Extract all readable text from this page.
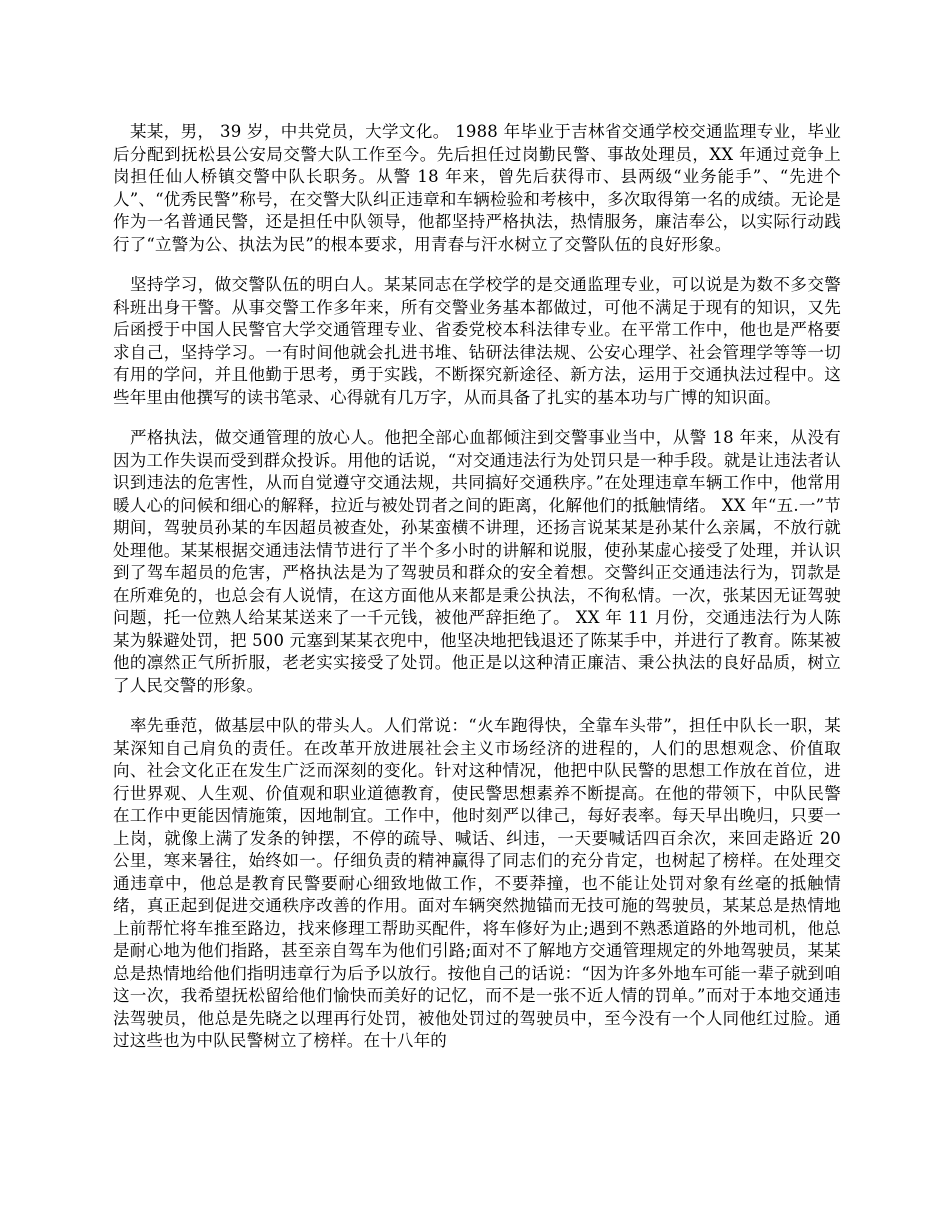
某某，男， 39 岁，中共党员，大学文化。 1988 年毕业于吉林省交通学校交通监理专业，毕业后分配到抚松县公安局交警大队工作至今。先后担任过岗勤民警、事故处理员，XX 年通过竞争上岗担任仙人桥镇交警中队长职务。从警 18 年来，曾先后获得市、县两级“业务能手”、“先进个人”、“优秀民警”称号，在交警大队纠正违章和车辆检验和考核中，多次取得第一名的成绩。无论是作为一名普通民警，还是担任中队领导，他都坚持严格执法，热情服务，廉洁奉公，以实际行动践行了“立警为公、执法为民”的根本要求，用青春与汗水树立了交警队伍的良好形象。

坚持学习，做交警队伍的明白人。某某同志在学校学的是交通监理专业，可以说是为数不多交警科班出身干警。从事交警工作多年来，所有交警业务基本都做过，可他不满足于现有的知识，又先后函授于中国人民警官大学交通管理专业、省委党校本科法律专业。在平常工作中，他也是严格要求自己，坚持学习。一有时间他就会扎进书堆、钻研法律法规、公安心理学、社会管理学等等一切有用的学问，并且他勤于思考，勇于实践，不断探究新途径、新方法，运用于交通执法过程中。这些年里由他撰写的读书笔录、心得就有几万字，从而具备了扎实的基本功与广博的知识面。

严格执法，做交通管理的放心人。他把全部心血都倾注到交警事业当中，从警 18 年来，从没有因为工作失误而受到群众投诉。用他的话说，“对交通违法行为处罚只是一种手段。就是让违法者认识到违法的危害性，从而自觉遵守交通法规，共同搞好交通秩序。”在处理违章车辆工作中，他常用暖人心的问候和细心的解释，拉近与被处罚者之间的距离，化解他们的抵触情绪。 XX 年“五.一”节期间，驾驶员孙某的车因超员被查处，孙某蛮横不讲理，还扬言说某某是孙某什么亲属，不放行就处理他。某某根据交通违法情节进行了半个多小时的讲解和说服，使孙某虚心接受了处理，并认识到了驾车超员的危害，严格执法是为了驾驶员和群众的安全着想。交警纠正交通违法行为，罚款是在所难免的，也总会有人说情，在这方面他从来都是秉公执法，不徇私情。一次，张某因无证驾驶问题，托一位熟人给某某送来了一千元钱，被他严辞拒绝了。 XX 年 11 月份，交通违法行为人陈某为躲避处罚，把 500 元塞到某某衣兜中，他坚决地把钱退还了陈某手中，并进行了教育。陈某被他的凛然正气所折服，老老实实接受了处罚。他正是以这种清正廉洁、秉公执法的良好品质，树立了人民交警的形象。

率先垂范，做基层中队的带头人。人们常说：“火车跑得快，全靠车头带”，担任中队长一职，某某深知自己肩负的责任。在改革开放进展社会主义市场经济的进程的，人们的思想观念、价值取向、社会文化正在发生广泛而深刻的变化。针对这种情况，他把中队民警的思想工作放在首位，进行世界观、人生观、价值观和职业道德教育，使民警思想素养不断提高。在他的带领下，中队民警在工作中更能因情施策，因地制宜。工作中，他时刻严以律己，每好表率。每天早出晚归，只要一上岗，就像上满了发条的钟摆，不停的疏导、喊话、纠违，一天要喊话四百余次，来回走路近 20 公里，寒来暑往，始终如一。仔细负责的精神赢得了同志们的充分肯定，也树起了榜样。在处理交通违章中，他总是教育民警要耐心细致地做工作，不要莽撞，也不能让处罚对象有丝毫的抵触情绪，真正起到促进交通秩序改善的作用。面对车辆突然抛锚而无技可施的驾驶员，某某总是热情地上前帮忙将车推至路边，找来修理工帮助买配件，将车修好为止;遇到不熟悉道路的外地司机，他总是耐心地为他们指路，甚至亲自驾车为他们引路;面对不了解地方交通管理规定的外地驾驶员，某某总是热情地给他们指明违章行为后予以放行。按他自己的话说：“因为许多外地车可能一辈子就到咱这一次，我希望抚松留给他们愉快而美好的记忆，而不是一张不近人情的罚单。”而对于本地交通违法驾驶员，他总是先晓之以理再行处罚，被他处罚过的驾驶员中，至今没有一个人同他红过脸。通过这些也为中队民警树立了榜样。在十八年的
